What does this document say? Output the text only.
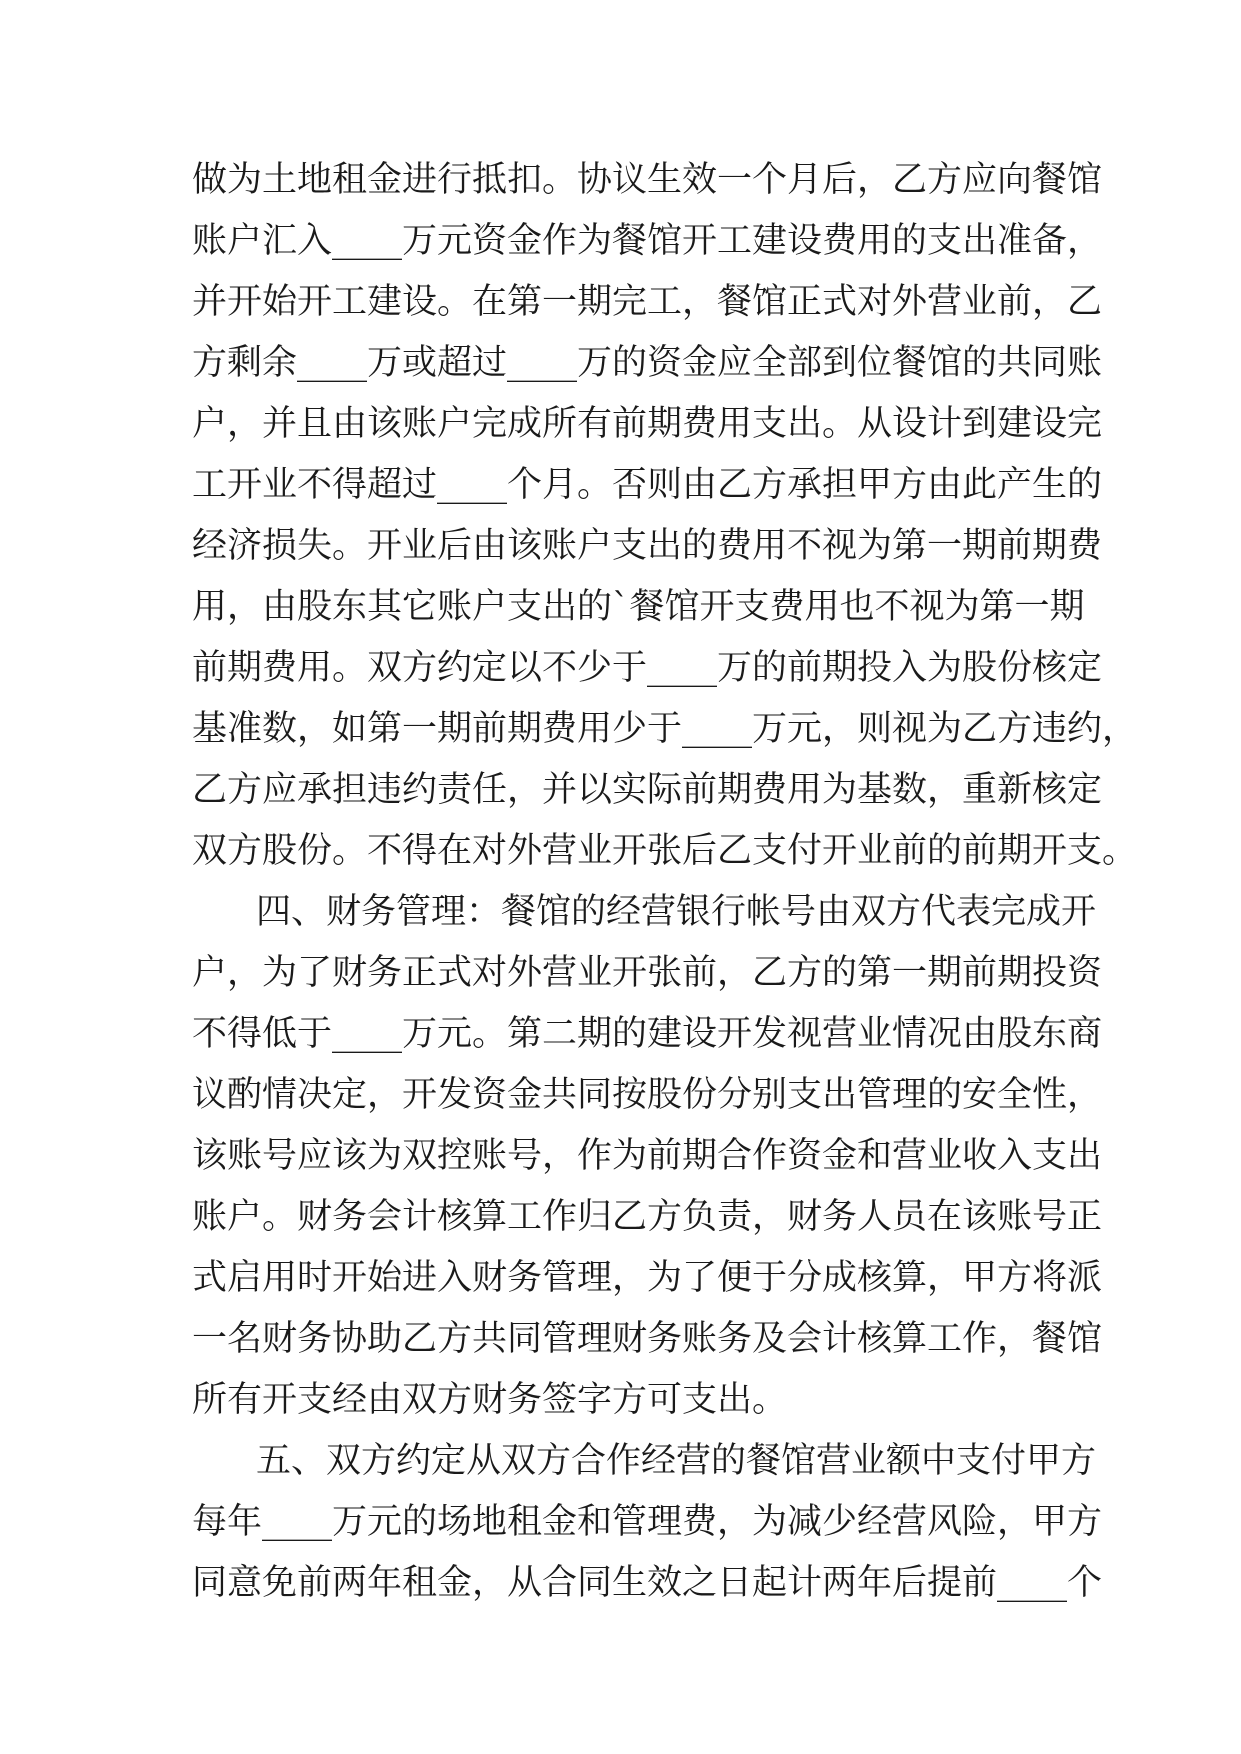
做为土地租金进行抵扣。协议生效一个月后，乙方应向餐馆
账户汇入____万元资金作为餐馆开工建设费用的支出准备，
并开始开工建设。在第一期完工，餐馆正式对外营业前，乙
方剩余____万或超过____万的资金应全部到位餐馆的共同账
户，并且由该账户完成所有前期费用支出。从设计到建设完
工开业不得超过____个月。否则由乙方承担甲方由此产生的
经济损失。开业后由该账户支出的费用不视为第一期前期费
用，由股东其它账户支出的`餐馆开支费用也不视为第一期
前期费用。双方约定以不少于____万的前期投入为股份核定
基准数，如第一期前期费用少于____万元，则视为乙方违约，
乙方应承担违约责任，并以实际前期费用为基数，重新核定
双方股份。不得在对外营业开张后乙支付开业前的前期开支。
四、财务管理：餐馆的经营银行帐号由双方代表完成开
户，为了财务正式对外营业开张前，乙方的第一期前期投资
不得低于____万元。第二期的建设开发视营业情况由股东商
议酌情决定，开发资金共同按股份分别支出管理的安全性，
该账号应该为双控账号，作为前期合作资金和营业收入支出
账户。财务会计核算工作归乙方负责，财务人员在该账号正
式启用时开始进入财务管理，为了便于分成核算，甲方将派
一名财务协助乙方共同管理财务账务及会计核算工作，餐馆
所有开支经由双方财务签字方可支出。
五、双方约定从双方合作经营的餐馆营业额中支付甲方
每年____万元的场地租金和管理费，为减少经营风险，甲方
同意免前两年租金，从合同生效之日起计两年后提前____个
